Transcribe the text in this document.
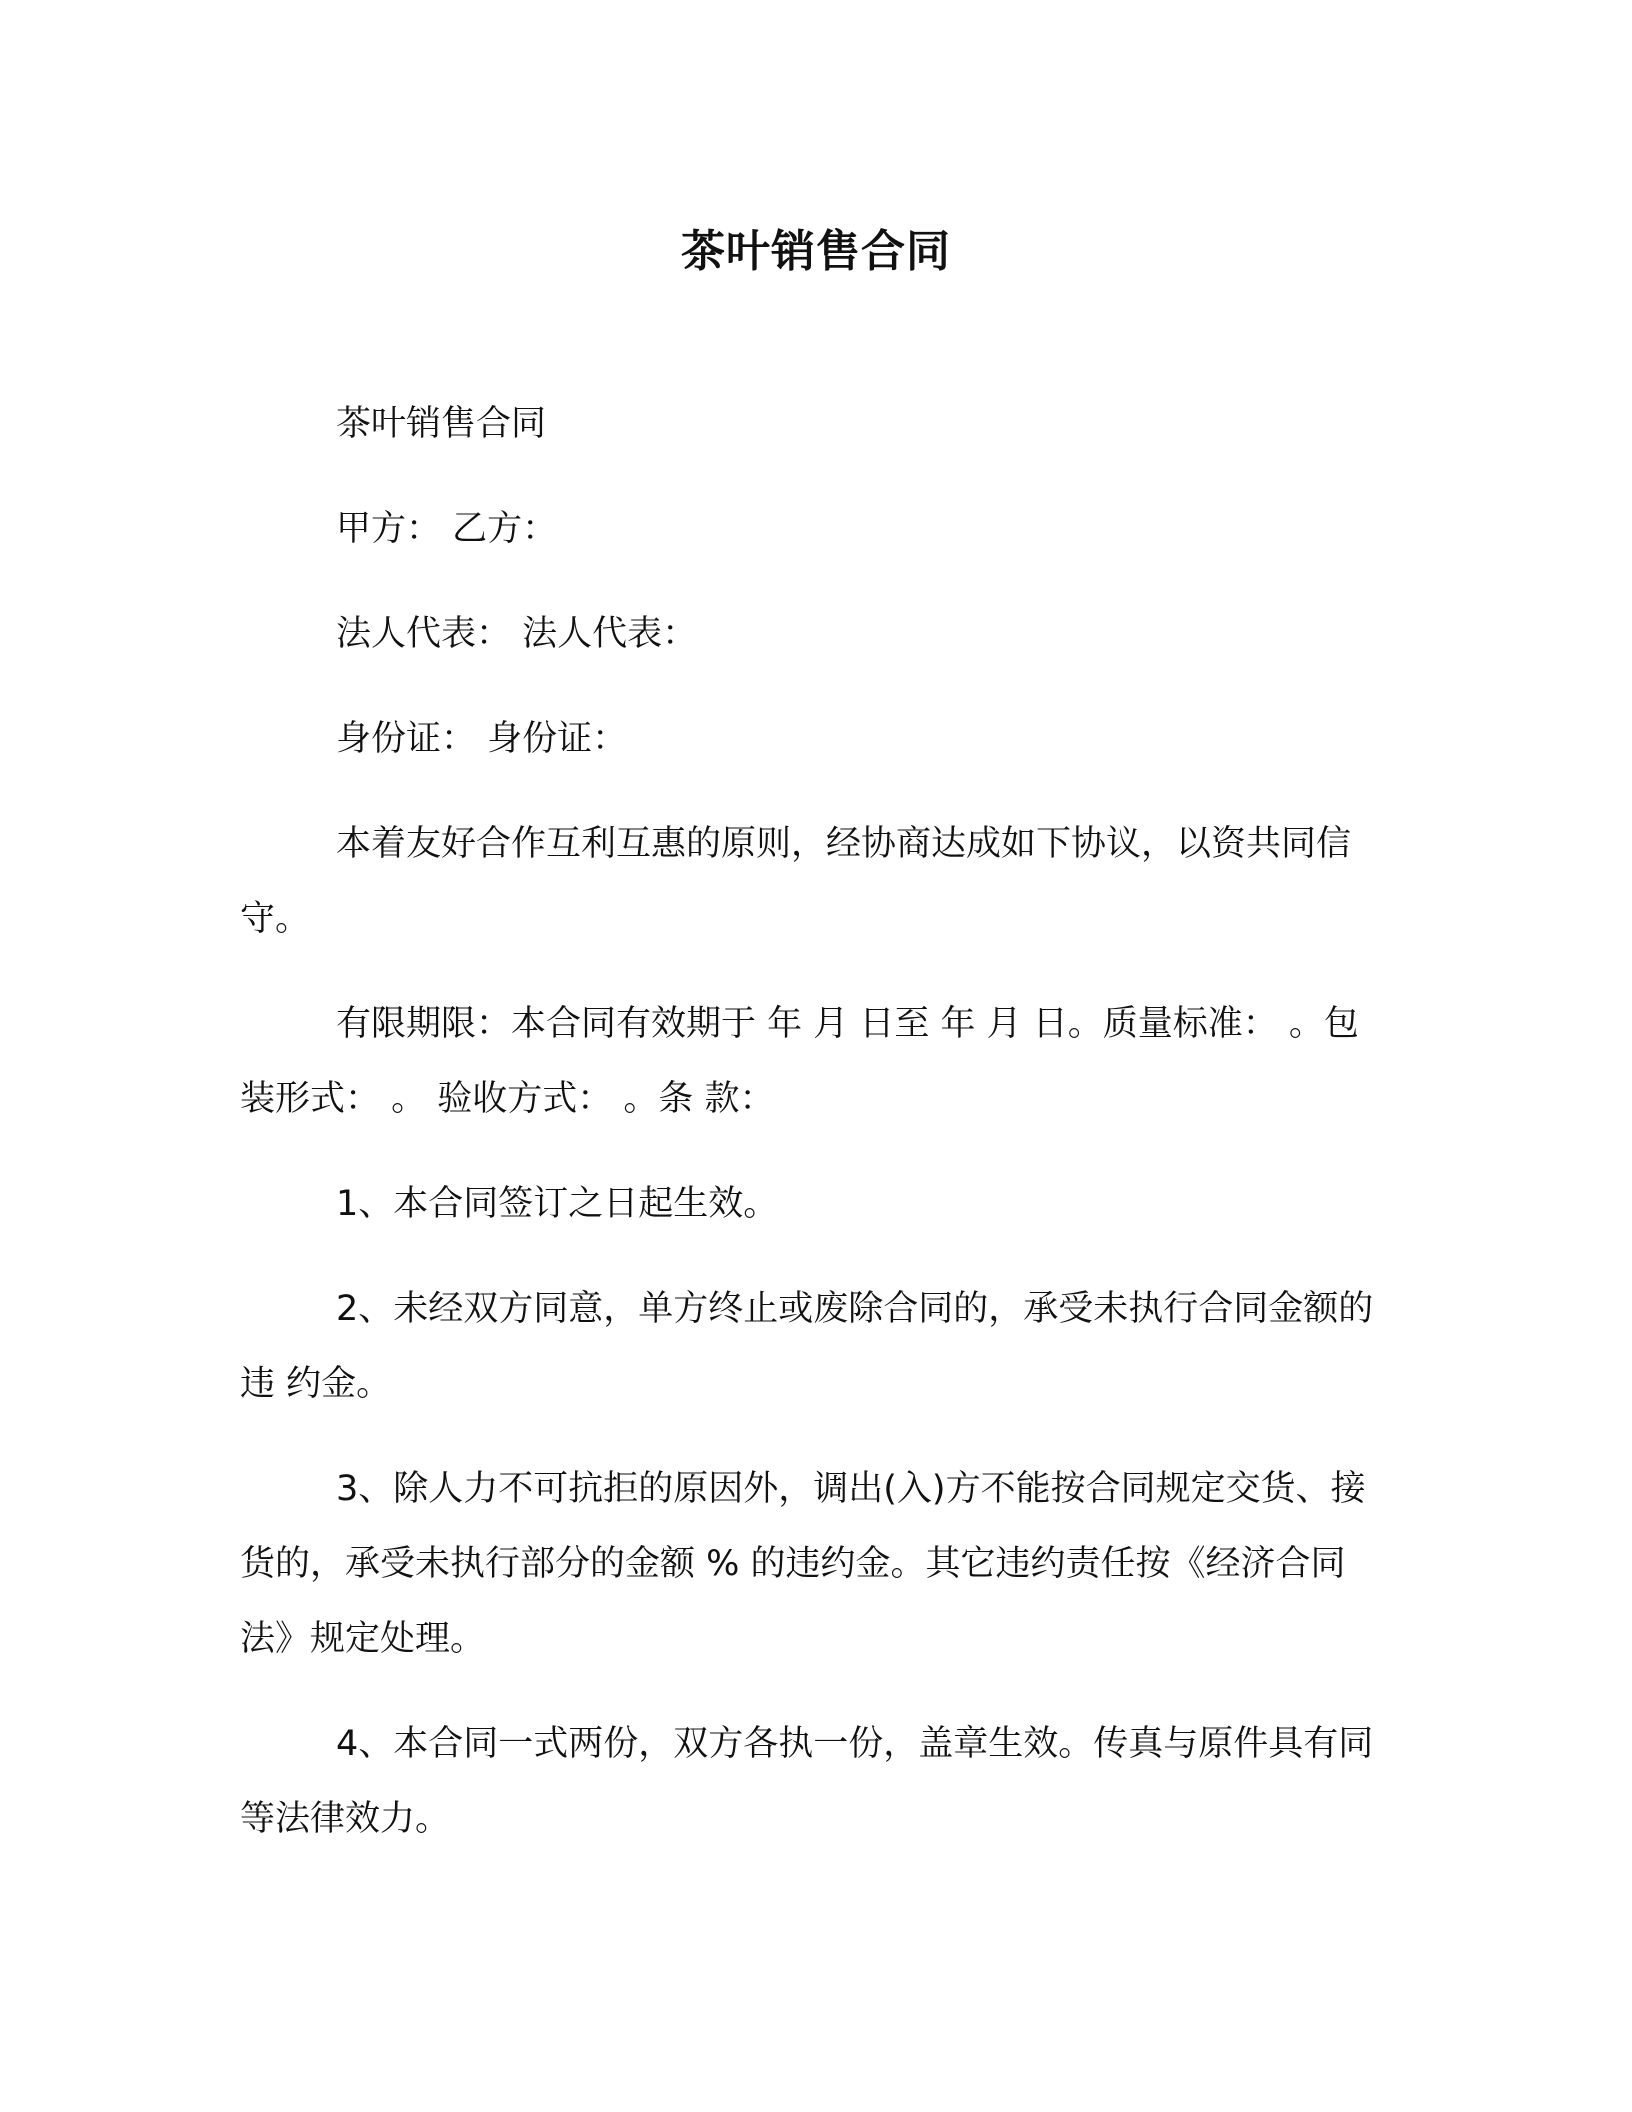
茶叶销售合同

茶叶销售合同

甲方： 乙方：

法人代表： 法人代表：

身份证： 身份证：

本着友好合作互利互惠的原则，经协商达成如下协议，以资共同信守。

有限期限：本合同有效期于 年 月 日至 年 月 日。质量标准： 。包装形式： 。 验收方式： 。条 款：

1、本合同签订之日起生效。

2、未经双方同意，单方终止或废除合同的，承受未执行合同金额的违 约金。

3、除人力不可抗拒的原因外，调出(入)方不能按合同规定交货、接货的，承受未执行部分的金额 % 的违约金。其它违约责任按《经济合同法》规定处理。

4、本合同一式两份，双方各执一份，盖章生效。传真与原件具有同等法律效力。
